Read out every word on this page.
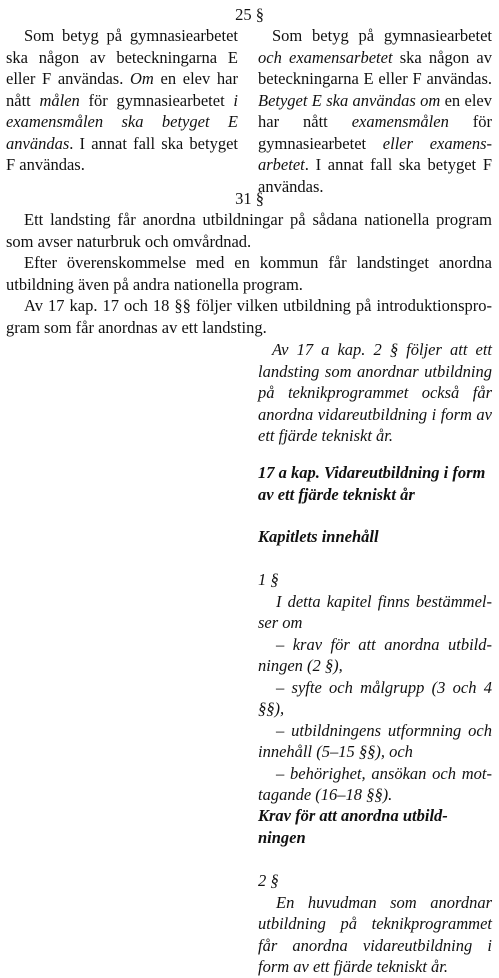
25 §
Som betyg på gymnasiearbetet ska någon av beteckningarna E eller F användas. Om en elev har nått målen för gymnasiearbetet i examensmålen ska betyget E användas. I annat fall ska betyget F användas.
Som betyg på gymnasiearbetet och examensarbetet ska någon av beteckningarna E eller F användas. Betyget E ska användas om en elev har nått examensmålen för gymnasiearbetet eller examens-arbetet. I annat fall ska betyget F användas.
31 §

Ett landsting får anordna utbildningar på sådana nationella program som avser naturbruk och omvårdnad.

Efter överenskommelse med en kommun får landstinget anordna utbildning även på andra nationella program.

Av 17 kap. 17 och 18 §§ följer vilken utbildning på introduktionspro-gram som får anordnas av ett landsting.

Av 17 a kap. 2 § följer att ett landsting som anordnar utbildning på teknikprogrammet också får anordna vidareutbildning i form av ett fjärde tekniskt år.

17 a kap. Vidareutbildning i form av ett fjärde tekniskt år
Kapitlets innehåll

1 §

I detta kapitel finns bestämmel-ser om

– krav för att anordna utbild-ningen (2 §),

– syfte och målgrupp (3 och 4 §§),

– utbildningens utformning och innehåll (5–15 §§), och

– behörighet, ansökan och mot-tagande (16–18 §§).

Krav för att anordna utbild-ningen

2 §

En huvudman som anordnar utbildning på teknikprogrammet får anordna vidareutbildning i form av ett fjärde tekniskt år.
